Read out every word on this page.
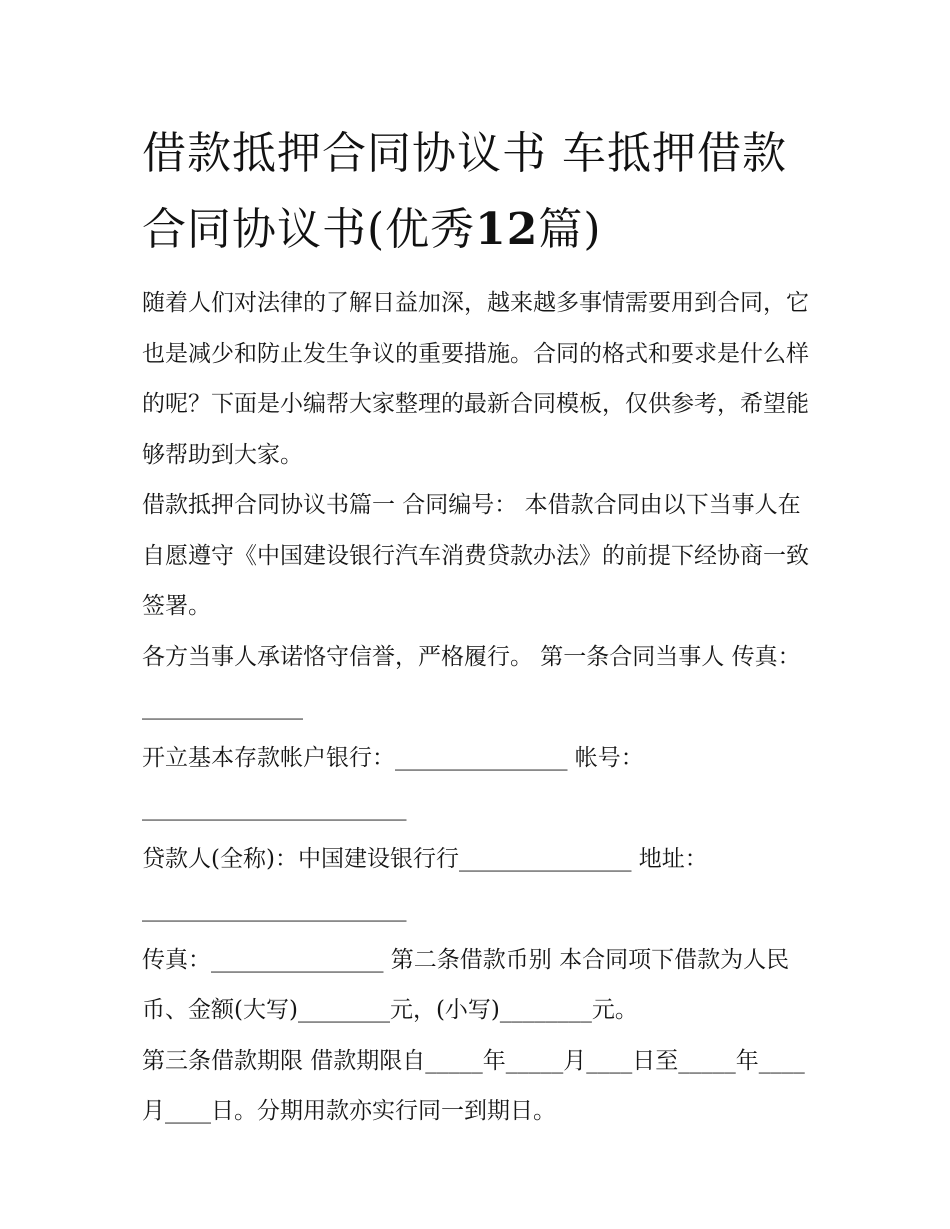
借款抵押合同协议书 车抵押借款合同协议书(优秀12篇)

随着人们对法律的了解日益加深，越来越多事情需要用到合同，它也是减少和防止发生争议的重要措施。合同的格式和要求是什么样的呢？下面是小编帮大家整理的最新合同模板，仅供参考，希望能够帮助到大家。

借款抵押合同协议书篇一 合同编号： 本借款合同由以下当事人在自愿遵守《中国建设银行汽车消费贷款办法》的前提下经协商一致签署。

各方当事人承诺恪守信誉，严格履行。 第一条合同当事人 传真：______________

开立基本存款帐户银行：_______________ 帐号：_______________________

贷款人(全称)：中国建设银行行_______________ 地址：_______________________

传真：_______________ 第二条借款币别 本合同项下借款为人民币、金额(大写)________元，(小写)________元。

第三条借款期限 借款期限自_____年_____月____日至_____年____月____日。分期用款亦实行同一到期日。
